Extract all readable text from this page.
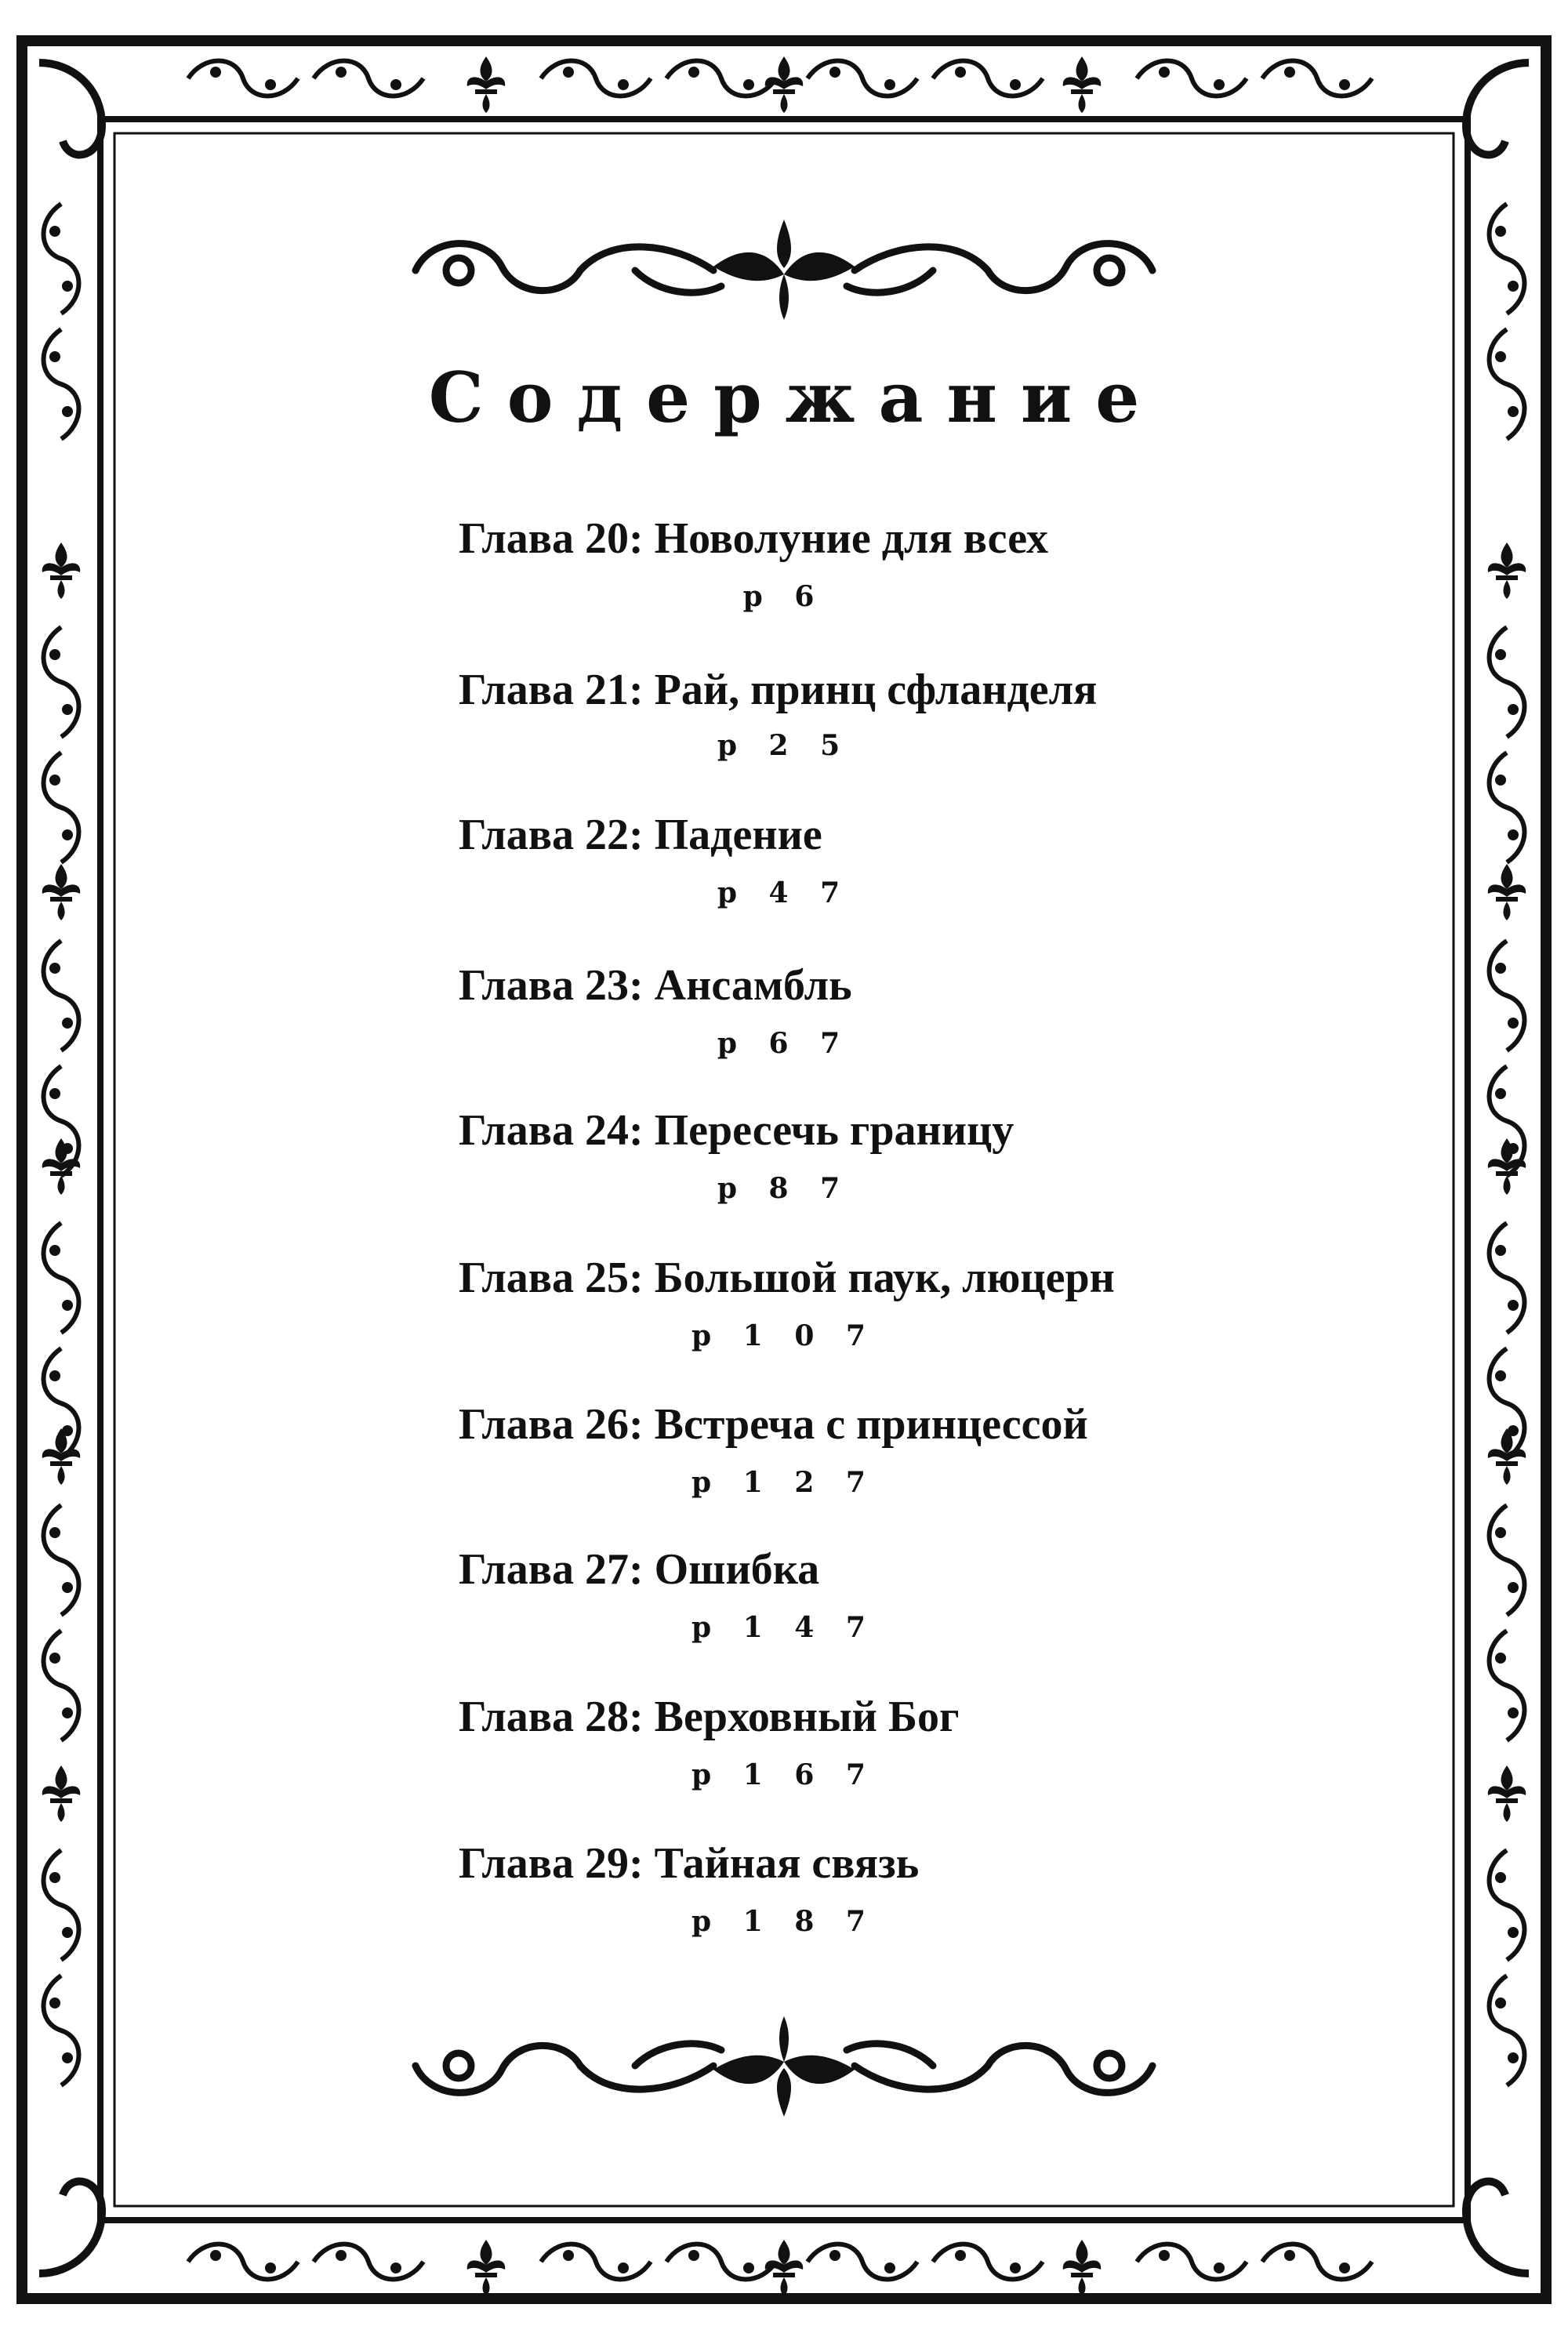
Содержание
Глава 20: Новолуние для всех
p 6
Глава 21: Рай, принц сфланделя
p 2 5
Глава 22: Падение
p 4 7
Глава 23: Ансамбль
p 6 7
Глава 24: Пересечь границу
p 8 7
Глава 25: Большой паук, люцерн
p 1 0 7
Глава 26: Встреча с принцессой
p 1 2 7
Глава 27: Ошибка
p 1 4 7
Глава 28: Верховный Бог
p 1 6 7
Глава 29: Тайная связь
p 1 8 7
